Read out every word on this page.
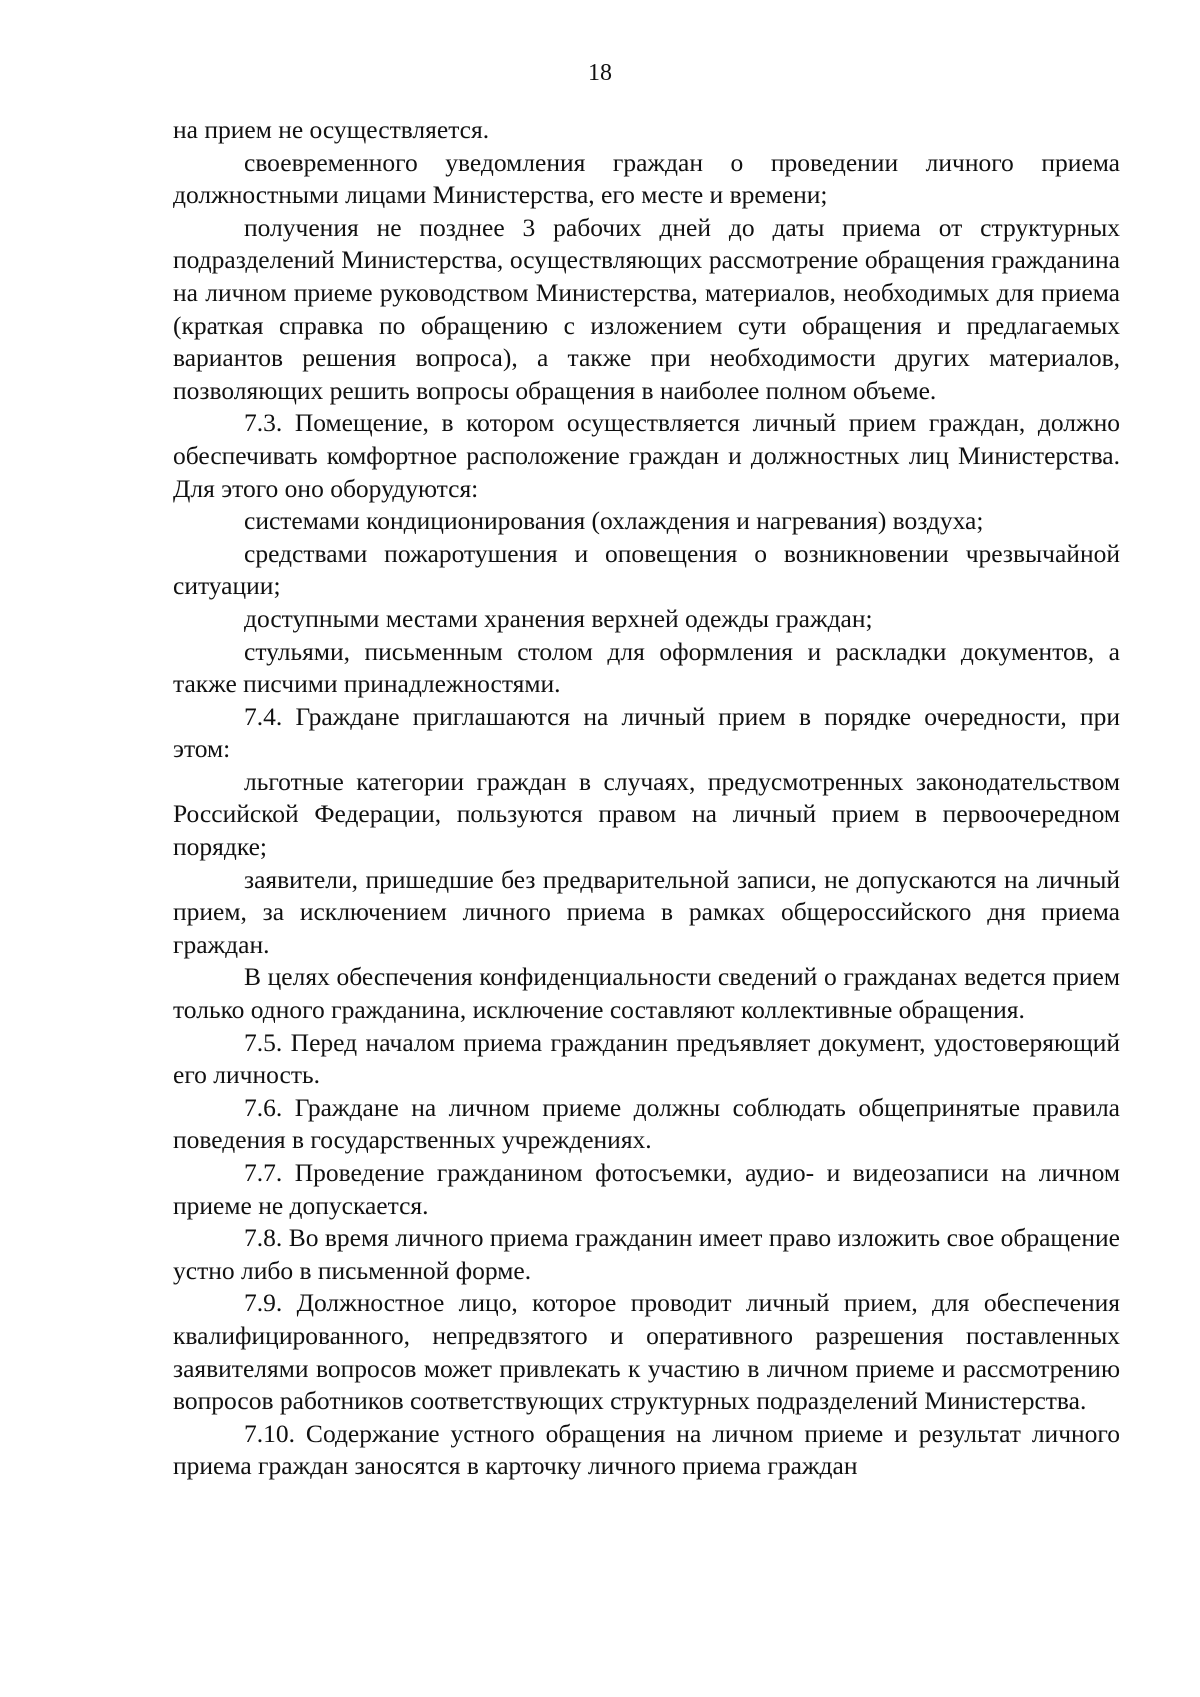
18

на прием не осуществляется.

своевременного уведомления граждан о проведении личного приема должностными лицами Министерства, его месте и времени;

получения не позднее 3 рабочих дней до даты приема от структурных подразделений Министерства, осуществляющих рассмотрение обращения гражданина на личном приеме руководством Министерства, материалов, необходимых для приема (краткая справка по обращению с изложением сути обращения и предлагаемых вариантов решения вопроса), а также при необходимости других материалов, позволяющих решить вопросы обращения в наиболее полном объеме.

7.3. Помещение, в котором осуществляется личный прием граждан, должно обеспечивать комфортное расположение граждан и должностных лиц Министерства. Для этого оно оборудуются:

системами кондиционирования (охлаждения и нагревания) воздуха;

средствами пожаротушения и оповещения о возникновении чрезвычайной ситуации;

доступными местами хранения верхней одежды граждан;

стульями, письменным столом для оформления и раскладки документов, а также писчими принадлежностями.

7.4. Граждане приглашаются на личный прием в порядке очередности, при этом:

льготные категории граждан в случаях, предусмотренных законодательством Российской Федерации, пользуются правом на личный прием в первоочередном порядке;

заявители, пришедшие без предварительной записи, не допускаются на личный прием, за исключением личного приема в рамках общероссийского дня приема граждан.

В целях обеспечения конфиденциальности сведений о гражданах ведется прием только одного гражданина, исключение составляют коллективные обращения.

7.5. Перед началом приема гражданин предъявляет документ, удостоверяющий его личность.

7.6. Граждане на личном приеме должны соблюдать общепринятые правила поведения в государственных учреждениях.

7.7. Проведение гражданином фотосъемки, аудио- и видеозаписи на личном приеме не допускается.

7.8. Во время личного приема гражданин имеет право изложить свое обращение устно либо в письменной форме.

7.9. Должностное лицо, которое проводит личный прием, для обеспечения квалифицированного, непредвзятого и оперативного разрешения поставленных заявителями вопросов может привлекать к участию в личном приеме и рассмотрению вопросов работников соответствующих структурных подразделений Министерства.

7.10. Содержание устного обращения на личном приеме и результат личного приема граждан заносятся в карточку личного приема граждан
